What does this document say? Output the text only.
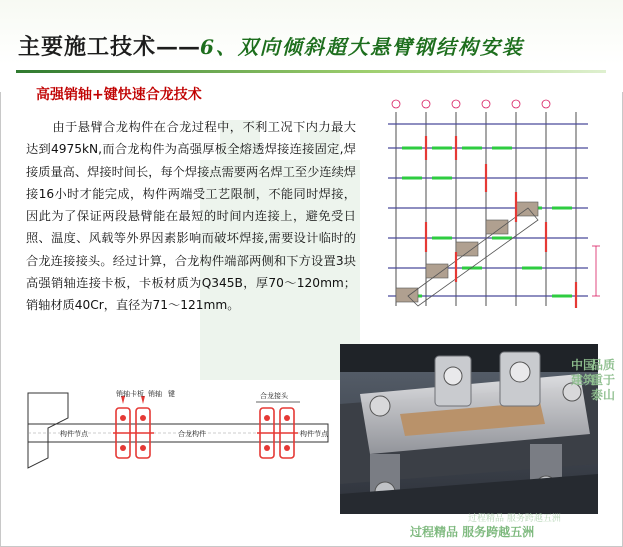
主要施工技术——6、双向倾斜超大悬臂钢结构安装
高强销轴+键快速合龙技术
由于悬臂合龙构件在合龙过程中，不利工况下内力最大达到4975kN,而合龙构件为高强厚板全熔透焊接连接固定,焊接质量高、焊接时间长，每个焊接点需要两名焊工至少连续焊接16小时才能完成，构件两端受工艺限制，不能同时焊接，因此为了保证两段悬臂能在最短的时间内连接上，避免受日照、温度、风载等外界因素影响而破坏焊接,需要设计临时的合龙连接接头。经过计算，合龙构件端部两侧和下方设置3块高强销轴连接卡板，卡板材质为Q345B，厚70～120mm；销轴材质40Cr，直径为71～121mm。
销轴卡板 销轴 键
构件节点	合龙构件	构件节点
合龙接头
中国建筑
品质重于泰山
过程精品 服务跨越五洲
过程精品 服务跨越五洲
